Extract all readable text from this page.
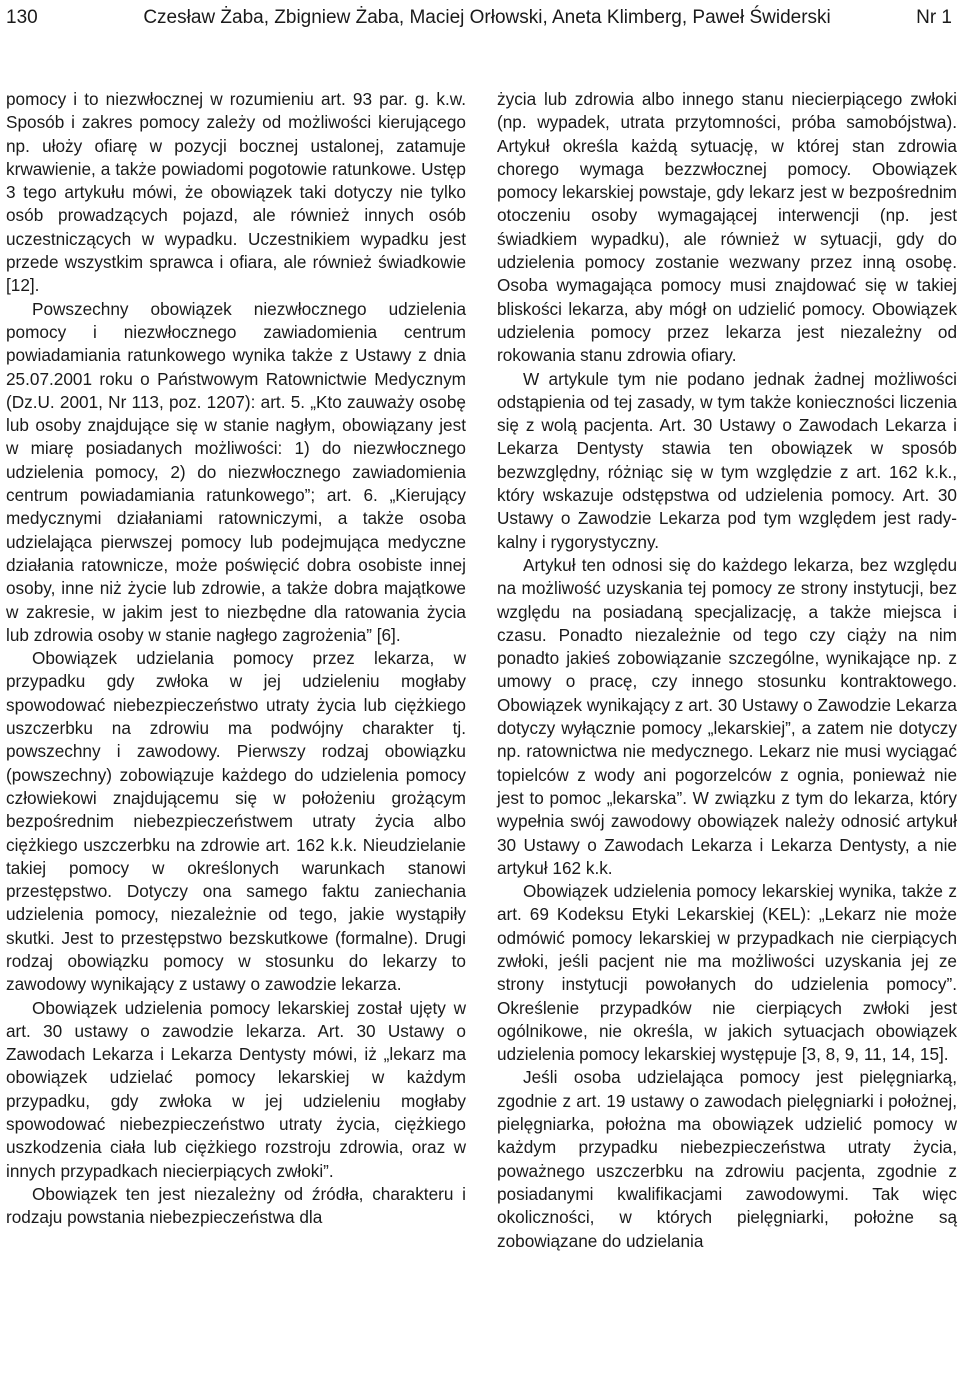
130	Czesław Żaba, Zbigniew Żaba, Maciej Orłowski, Aneta Klimberg, Paweł Świderski	Nr 1

pomocy i to niezwłocznej w rozumieniu art. 93 par. g. k.w. Sposób i zakres pomocy zależy od możliwości kierującego np. ułoży ofiarę w pozycji bocznej ustalonej, zatamuje krwawienie, a także powiadomi pogotowie ratunkowe. Ustęp 3 tego artykułu mówi, że obowiązek taki dotyczy nie tylko osób prowadzących pojazd, ale również innych osób uczestniczących w wypadku. Uczestnikiem wypadku jest przede wszystkim sprawca i ofiara, ale również świadkowie [12].

Powszechny obowiązek niezwłocznego udzielenia pomocy i niezwłocznego zawiadomienia centrum powiadamiania ratunkowego wynika także z Ustawy z dnia 25.07.2001 roku o Państwowym Ratownictwie Medycznym (Dz.U. 2001, Nr 113, poz. 1207): art. 5. „Kto zauważy osobę lub osoby znajdujące się w stanie nagłym, obowiązany jest w miarę posiadanych możliwości: 1) do niezwłocznego udzielenia pomocy, 2) do niezwłocznego zawiadomienia centrum powiadamiania ratunkowego”; art. 6. „Kierujący medycznymi działaniami ratowniczymi, a także osoba udzielająca pierwszej pomocy lub podejmująca medyczne działania ratownicze, może poświęcić dobra osobiste innej osoby, inne niż życie lub zdrowie, a także dobra majątkowe w zakresie, w jakim jest to niezbędne dla ratowania życia lub zdrowia osoby w stanie nagłego zagrożenia” [6].

Obowiązek udzielania pomocy przez lekarza, w przypadku gdy zwłoka w jej udzieleniu mogłaby spowodować niebezpieczeństwo utraty życia lub ciężkiego uszczerbku na zdrowiu ma podwójny charakter tj. powszechny i zawodowy. Pierwszy rodzaj obowiązku (powszechny) zobowiązuje każdego do udzielenia pomocy człowiekowi znajdującemu się w położeniu grożącym bezpośrednim niebezpieczeństwem utraty życia albo ciężkiego uszczerbku na zdrowie art. 162 k.k. Nieudzielanie takiej pomocy w określonych warunkach stanowi przestępstwo. Dotyczy ona samego faktu zaniechania udzielenia pomocy, niezależnie od tego, jakie wystąpiły skutki. Jest to przestępstwo bezskutkowe (formalne). Drugi rodzaj obowiązku pomocy w stosunku do lekarzy to zawodowy wynikający z ustawy o zawodzie lekarza.

Obowiązek udzielenia pomocy lekarskiej został ujęty w art. 30 ustawy o zawodzie lekarza. Art. 30 Ustawy o Zawodach Lekarza i Lekarza Dentysty mówi, iż „lekarz ma obowiązek udzielać pomocy lekarskiej w każdym przypadku, gdy zwłoka w jej udzieleniu mogłaby spowodować niebezpieczeństwo utraty życia, ciężkiego uszkodzenia ciała lub ciężkiego rozstroju zdrowia, oraz w innych przypadkach niecierpiących zwłoki”.

Obowiązek ten jest niezależny od źródła, charakteru i rodzaju powstania niebezpieczeństwa dla

życia lub zdrowia albo innego stanu niecierpiącego zwłoki (np. wypadek, utrata przytomności, próba samobójstwa). Artykuł określa każdą sytuację, w której stan zdrowia chorego wymaga bezzwłocznej pomocy. Obowiązek pomocy lekarskiej powstaje, gdy lekarz jest w bezpośrednim otoczeniu osoby wymagającej interwencji (np. jest świadkiem wypadku), ale również w sytuacji, gdy do udzielenia pomocy zostanie wezwany przez inną osobę. Osoba wymagająca pomocy musi znajdować się w takiej bliskości lekarza, aby mógł on udzielić pomocy. Obowiązek udzielenia pomocy przez lekarza jest niezależny od rokowania stanu zdrowia ofiary.

W artykule tym nie podano jednak żadnej możliwości odstąpienia od tej zasady, w tym także konieczności liczenia się z wolą pacjenta. Art. 30 Ustawy o Zawodach Lekarza i Lekarza Dentysty stawia ten obowiązek w sposób bezwzględny, różniąc się w tym względzie z art. 162 k.k., który wskazuje odstępstwa od udzielenia pomocy. Art. 30 Ustawy o Zawodzie Lekarza pod tym względem jest radykalny i rygorystyczny.

Artykuł ten odnosi się do każdego lekarza, bez względu na możliwość uzyskania tej pomocy ze strony instytucji, bez względu na posiadaną specjalizację, a także miejsca i czasu. Ponadto niezależnie od tego czy ciąży na nim ponadto jakieś zobowiązanie szczególne, wynikające np. z umowy o pracę, czy innego stosunku kontraktowego. Obowiązek wynikający z art. 30 Ustawy o Zawodzie Lekarza dotyczy wyłącznie pomocy „lekarskiej”, a zatem nie dotyczy np. ratownictwa nie medycznego. Lekarz nie musi wyciągać topielców z wody ani pogorzelców z ognia, ponieważ nie jest to pomoc „lekarska”. W związku z tym do lekarza, który wypełnia swój zawodowy obowiązek należy odnosić artykuł 30 Ustawy o Zawodach Lekarza i Lekarza Dentysty, a nie artykuł 162 k.k.

Obowiązek udzielenia pomocy lekarskiej wynika, także z art. 69 Kodeksu Etyki Lekarskiej (KEL): „Lekarz nie może odmówić pomocy lekarskiej w przypadkach nie cierpiących zwłoki, jeśli pacjent nie ma możliwości uzyskania jej ze strony instytucji powołanych do udzielenia pomocy”. Określenie przypadków nie cierpiących zwłoki jest ogólnikowe, nie określa, w jakich sytuacjach obowiązek udzielenia pomocy lekarskiej występuje [3, 8, 9, 11, 14, 15].

Jeśli osoba udzielająca pomocy jest pielęgniarką, zgodnie z art. 19 ustawy o zawodach pielęgniarki i położnej, pielęgniarka, położna ma obowiązek udzielić pomocy w każdym przypadku niebezpieczeństwa utraty życia, poważnego uszczerbku na zdrowiu pacjenta, zgodnie z posiadanymi kwalifikacjami zawodowymi. Tak więc okoliczności, w których pielęgniarki, położne są zobowiązane do udzielania
